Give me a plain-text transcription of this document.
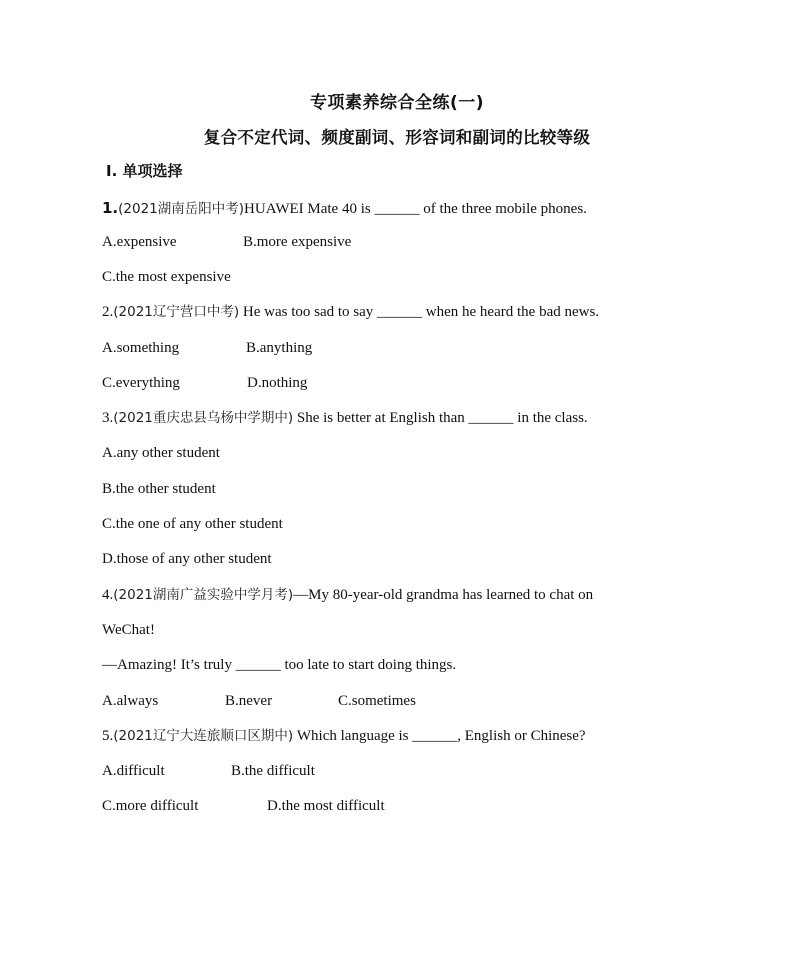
专项素养综合全练(一)
复合不定代词、频度副词、形容词和副词的比较等级
Ⅰ. 单项选择
1.(2021湖南岳阳中考)HUAWEI Mate 40 is ______ of the three mobile phones.
A.expensive	B.more expensive
C.the most expensive
2.(2021辽宁营口中考) He was too sad to say ______ when he heard the bad news.
A.something	B.anything
C.everything	D.nothing
3.(2021重庆忠县乌杨中学期中) She is better at English than ______ in the class.
A.any other student
B.the other student
C.the one of any other student
D.those of any other student
4.(2021湖南广益实验中学月考)—My 80-year-old grandma has learned to chat on
WeChat!
—Amazing! It’s truly ______ too late to start doing things.
A.always	B.never	C.sometimes
5.(2021辽宁大连旅顺口区期中) Which language is ______, English or Chinese?
A.difficult	B.the difficult
C.more difficult	D.the most difficult
